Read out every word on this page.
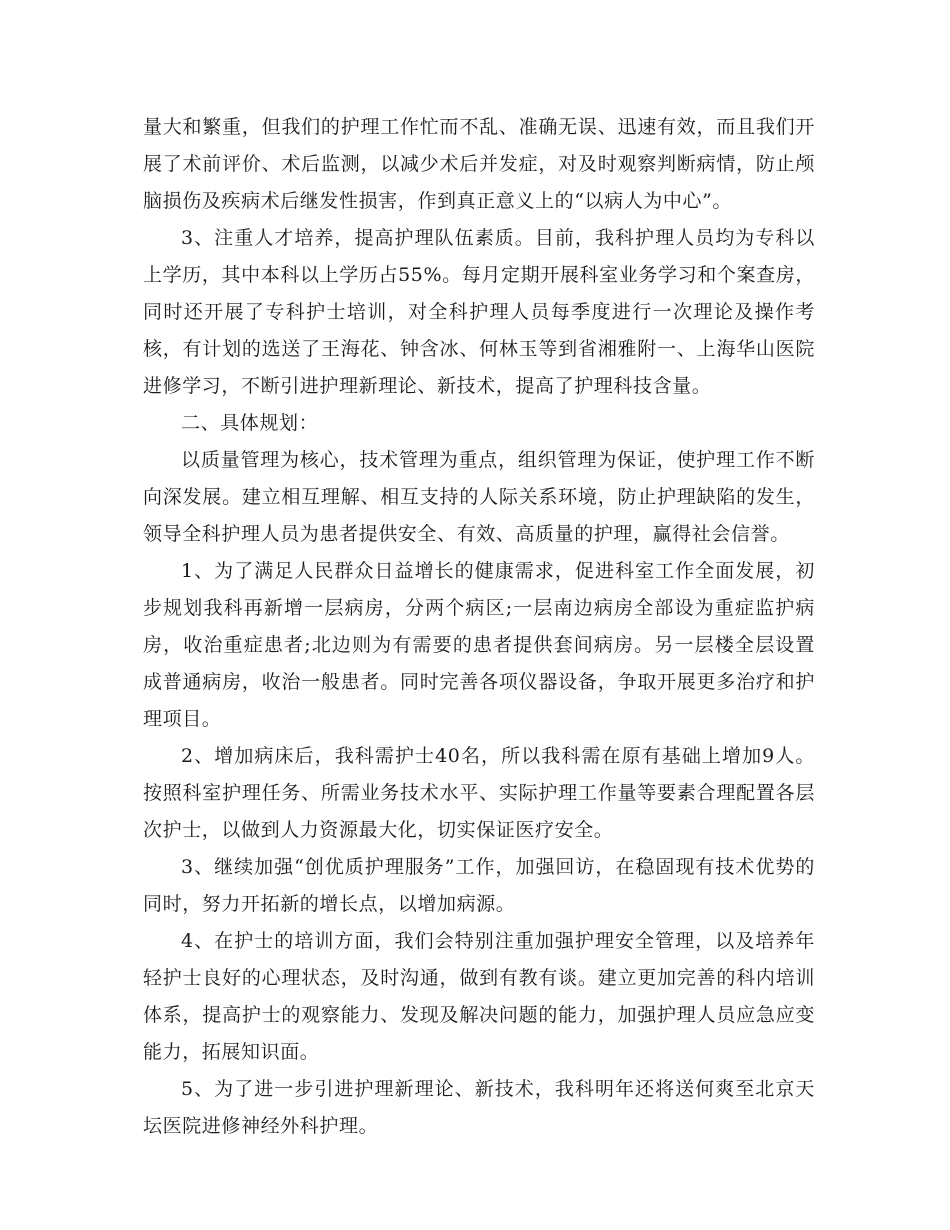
量大和繁重，但我们的护理工作忙而不乱、准确无误、迅速有效，而且我们开展了术前评价、术后监测，以减少术后并发症，对及时观察判断病情，防止颅脑损伤及疾病术后继发性损害，作到真正意义上的“以病人为中心”。

3、注重人才培养，提高护理队伍素质。目前，我科护理人员均为专科以上学历，其中本科以上学历占55%。每月定期开展科室业务学习和个案查房，同时还开展了专科护士培训，对全科护理人员每季度进行一次理论及操作考核，有计划的选送了王海花、钟含冰、何林玉等到省湘雅附一、上海华山医院进修学习，不断引进护理新理论、新技术，提高了护理科技含量。

二、具体规划：

以质量管理为核心，技术管理为重点，组织管理为保证，使护理工作不断向深发展。建立相互理解、相互支持的人际关系环境，防止护理缺陷的发生，领导全科护理人员为患者提供安全、有效、高质量的护理，赢得社会信誉。

1、为了满足人民群众日益增长的健康需求，促进科室工作全面发展，初步规划我科再新增一层病房，分两个病区;一层南边病房全部设为重症监护病房，收治重症患者;北边则为有需要的患者提供套间病房。另一层楼全层设置成普通病房，收治一般患者。同时完善各项仪器设备，争取开展更多治疗和护理项目。

2、增加病床后，我科需护士40名，所以我科需在原有基础上增加9人。按照科室护理任务、所需业务技术水平、实际护理工作量等要素合理配置各层次护士，以做到人力资源最大化，切实保证医疗安全。

3、继续加强“创优质护理服务”工作，加强回访，在稳固现有技术优势的同时，努力开拓新的增长点，以增加病源。

4、在护士的培训方面，我们会特别注重加强护理安全管理，以及培养年轻护士良好的心理状态，及时沟通，做到有教有谈。建立更加完善的科内培训体系，提高护士的观察能力、发现及解决问题的能力，加强护理人员应急应变能力，拓展知识面。

5、为了进一步引进护理新理论、新技术，我科明年还将送何爽至北京天坛医院进修神经外科护理。
